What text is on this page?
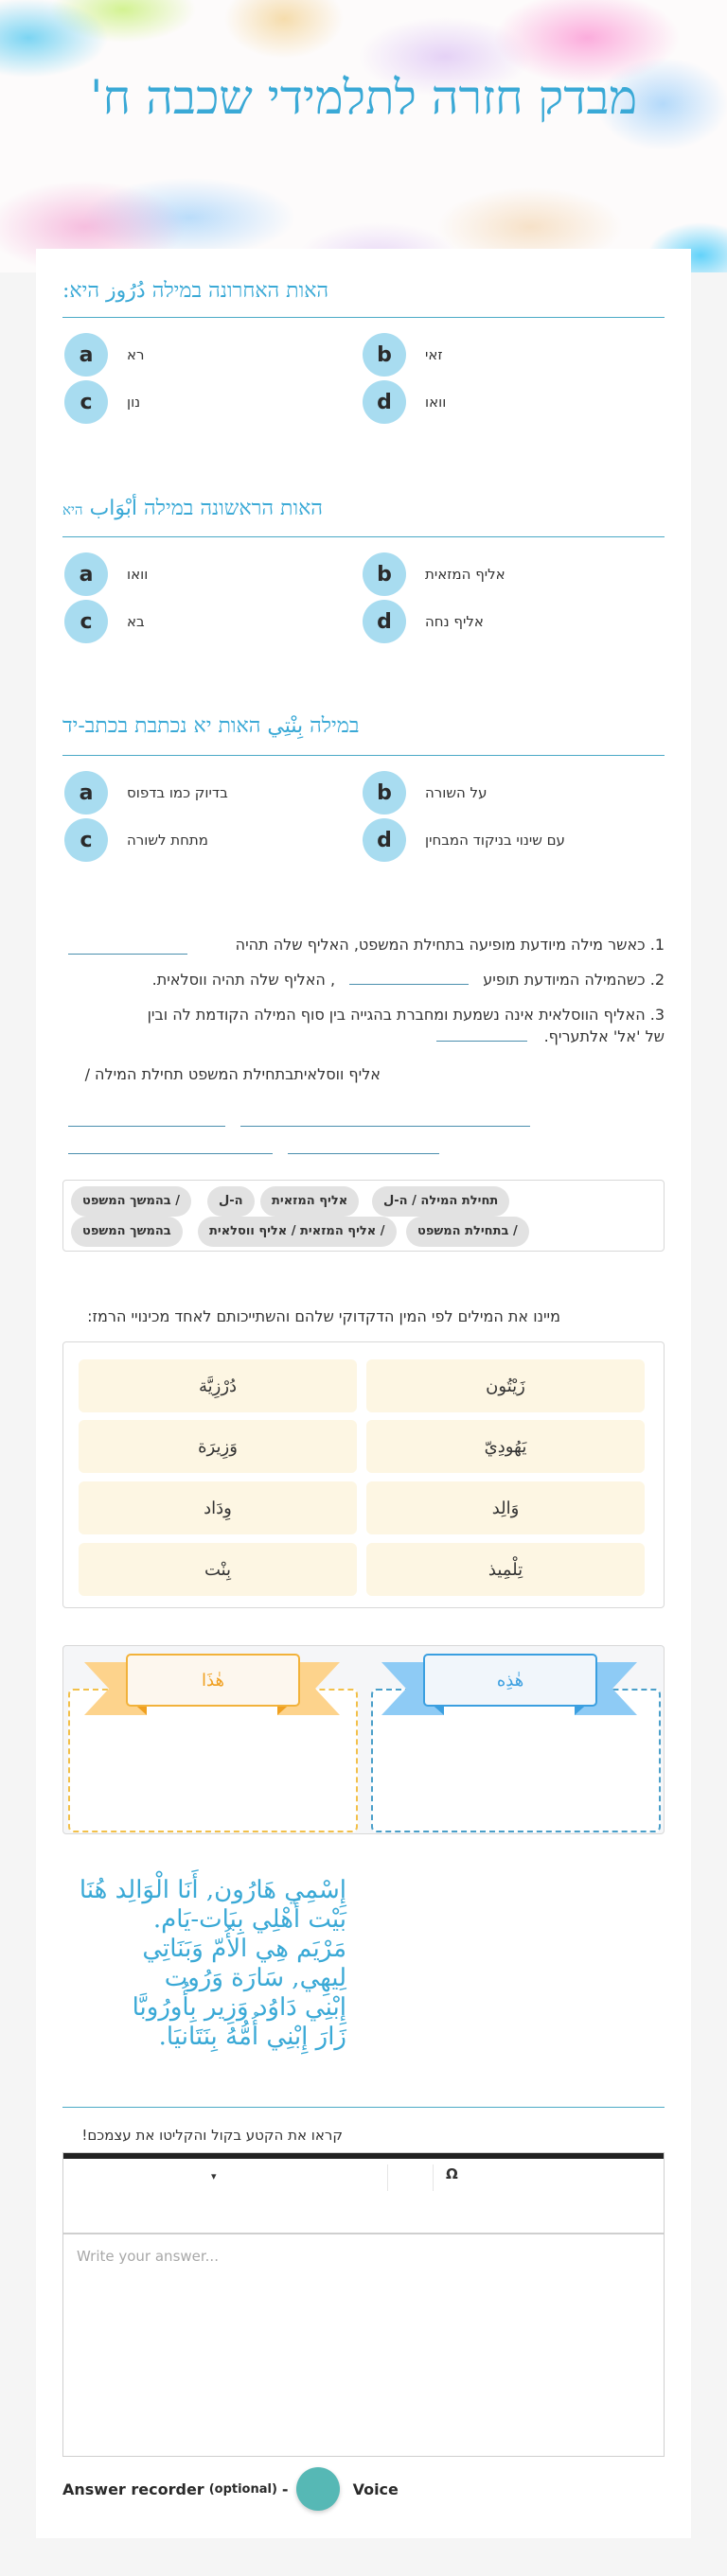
מבדק חזרה לתלמידי שכבה ח'
האות האחרונה במילה دُرُوز היא:
a	רא	b	זאי
c	נון	d	וואו
האות הראשונה במילה أبْوَاب היא
a	וואו	b	אליף המזאית
c	בא	d	אליף נחה
במילה بِنْتِي האות יא נכתבת בכתב-יד
a	בדיוק כמו בדפוס	b	על השורה
c	מתחת לשורה	d	עם שינוי בניקוד המבחין
1. כאשר מילה מיודעת מופיעה בתחילת המשפט, האליף שלה תהיה
2. כשהמילה המיודעת תופיע  , האליף שלה תהיה ווסלאית.
3. האליף הווסלאית אינה נשמעת ומחברת בהגייה בין סוף המילה הקודמת לה ובין
של 'אל' אלתעריף.
אליף ווסלאיתבתחילת המשפט תחילת המילה /
/ בהמשך המשפט	ה-ل	אליף המזאית	תחילת המילה / ה-ل
בהמשך המשפט	/ אליף המזאית / אליף ווסלאית	/ בתחילת המשפט
מיינו את המילים לפי המין הדקדוקי שלהם והשתייכותם לאחד מכינויי הרמז:
دُرْزِيَّة	زَيْتُون
وَزِيرَة	يَهُودِيّ
وِدَاد	وَالِد
بِنْت	تِلْمِيذ
هٰذَا	هٰذِه
إِسْمِي هَارُون, أَنَا الْوَالِد هُنَا
بَيْت أَهْلِي بِبَات-يَام.
مَرْيَم هِي الأُمّ وَبَنَاتِي
لِيهِي, سَارَة وَرُوت
إِبْنِي دَاوُد وَزِير بِأُورُوبَّا
زَارَ إِبْنِي أُمُّهُ بِنَتَانيَا.
קראו את הקטע בקול והקליטו את עצמכם!
▾	Ω
Write your answer...
Answer recorder (optional) -	Voice
